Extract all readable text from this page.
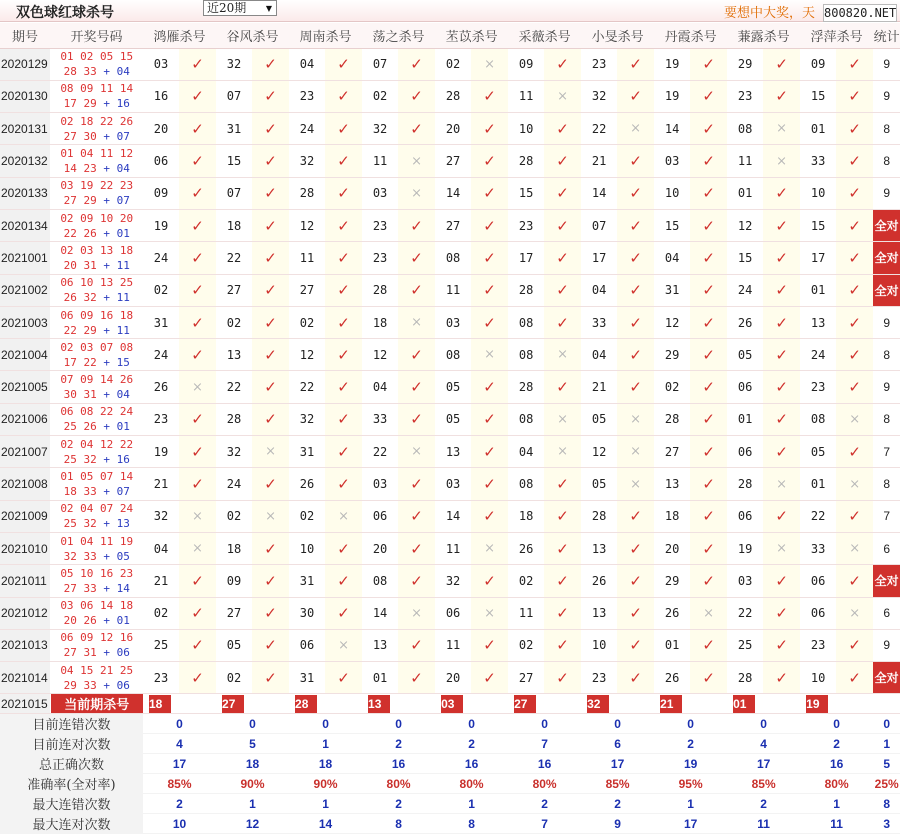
双色球红球杀号	近20期 ▼	要想中大奖，天 800820.NET
期号	开奖号码	鸿雁杀号		谷风杀号		周南杀号		荡之杀号		苤苡杀号		采薇杀号		小旻杀号		丹霞杀号		蒹露杀号		浮萍杀号		统计
2020129	01 02 05 15
28 33 + 04	03	✓	32	✓	04	✓	07	✓	02	×	09	✓	23	✓	19	✓	29	✓	09	✓	9
2020130	08 09 11 14
17 29 + 16	16	✓	07	✓	23	✓	02	✓	28	✓	11	×	32	✓	19	✓	23	✓	15	✓	9
2020131	02 18 22 26
27 30 + 07	20	✓	31	✓	24	✓	32	✓	20	✓	10	✓	22	×	14	✓	08	×	01	✓	8
2020132	01 04 11 12
14 23 + 04	06	✓	15	✓	32	✓	11	×	27	✓	28	✓	21	✓	03	✓	11	×	33	✓	8
2020133	03 19 22 23
27 29 + 07	09	✓	07	✓	28	✓	03	×	14	✓	15	✓	14	✓	10	✓	01	✓	10	✓	9
2020134	02 09 10 20
22 26 + 01	19	✓	18	✓	12	✓	23	✓	27	✓	23	✓	07	✓	15	✓	12	✓	15	✓	全对
2021001	02 03 13 18
20 31 + 11	24	✓	22	✓	11	✓	23	✓	08	✓	17	✓	17	✓	04	✓	15	✓	17	✓	全对
2021002	06 10 13 25
26 32 + 11	02	✓	27	✓	27	✓	28	✓	11	✓	28	✓	04	✓	31	✓	24	✓	01	✓	全对
2021003	06 09 16 18
22 29 + 11	31	✓	02	✓	02	✓	18	×	03	✓	08	✓	33	✓	12	✓	26	✓	13	✓	9
2021004	02 03 07 08
17 22 + 15	24	✓	13	✓	12	✓	12	✓	08	×	08	×	04	✓	29	✓	05	✓	24	✓	8
2021005	07 09 14 26
30 31 + 04	26	×	22	✓	22	✓	04	✓	05	✓	28	✓	21	✓	02	✓	06	✓	23	✓	9
2021006	06 08 22 24
25 26 + 01	23	✓	28	✓	32	✓	33	✓	05	✓	08	×	05	×	28	✓	01	✓	08	×	8
2021007	02 04 12 22
25 32 + 16	19	✓	32	×	31	✓	22	×	13	✓	04	×	12	×	27	✓	06	✓	05	✓	7
2021008	01 05 07 14
18 33 + 07	21	✓	24	✓	26	✓	03	✓	03	✓	08	✓	05	×	13	✓	28	×	01	×	8
2021009	02 04 07 24
25 32 + 13	32	×	02	×	02	×	06	✓	14	✓	18	✓	28	✓	18	✓	06	✓	22	✓	7
2021010	01 04 11 19
32 33 + 05	04	×	18	✓	10	✓	20	✓	11	×	26	✓	13	✓	20	✓	19	×	33	×	6
2021011	05 10 16 23
27 33 + 14	21	✓	09	✓	31	✓	08	✓	32	✓	02	✓	26	✓	29	✓	03	✓	06	✓	全对
2021012	03 06 14 18
20 26 + 01	02	✓	27	✓	30	✓	14	×	06	×	11	✓	13	✓	26	×	22	✓	06	×	6
2021013	06 09 12 16
27 31 + 06	25	✓	05	✓	06	×	13	✓	11	✓	02	✓	10	✓	01	✓	25	✓	23	✓	9
2021014	04 15 21 25
29 33 + 06	23	✓	02	✓	31	✓	01	✓	20	✓	27	✓	23	✓	26	✓	28	✓	10	✓	全对
2021015	当前期杀号	18		27		28		13		03		27		32		21		01		19		
目前连错次数		0		0		0		0		0		0		0		0		0		0		0
目前连对次数		4		5		1		2		2		7		6		2		4		2		1
总正确次数		17		18		18		16		16		16		17		19		17		16		5
准确率(全对率)		85%		90%		90%		80%		80%		80%		85%		95%		85%		80%		25%
最大连错次数		2		1		1		2		1		2		2		1		2		1		8
最大连对次数		10		12		14		8		8		7		9		17		11		11		3
